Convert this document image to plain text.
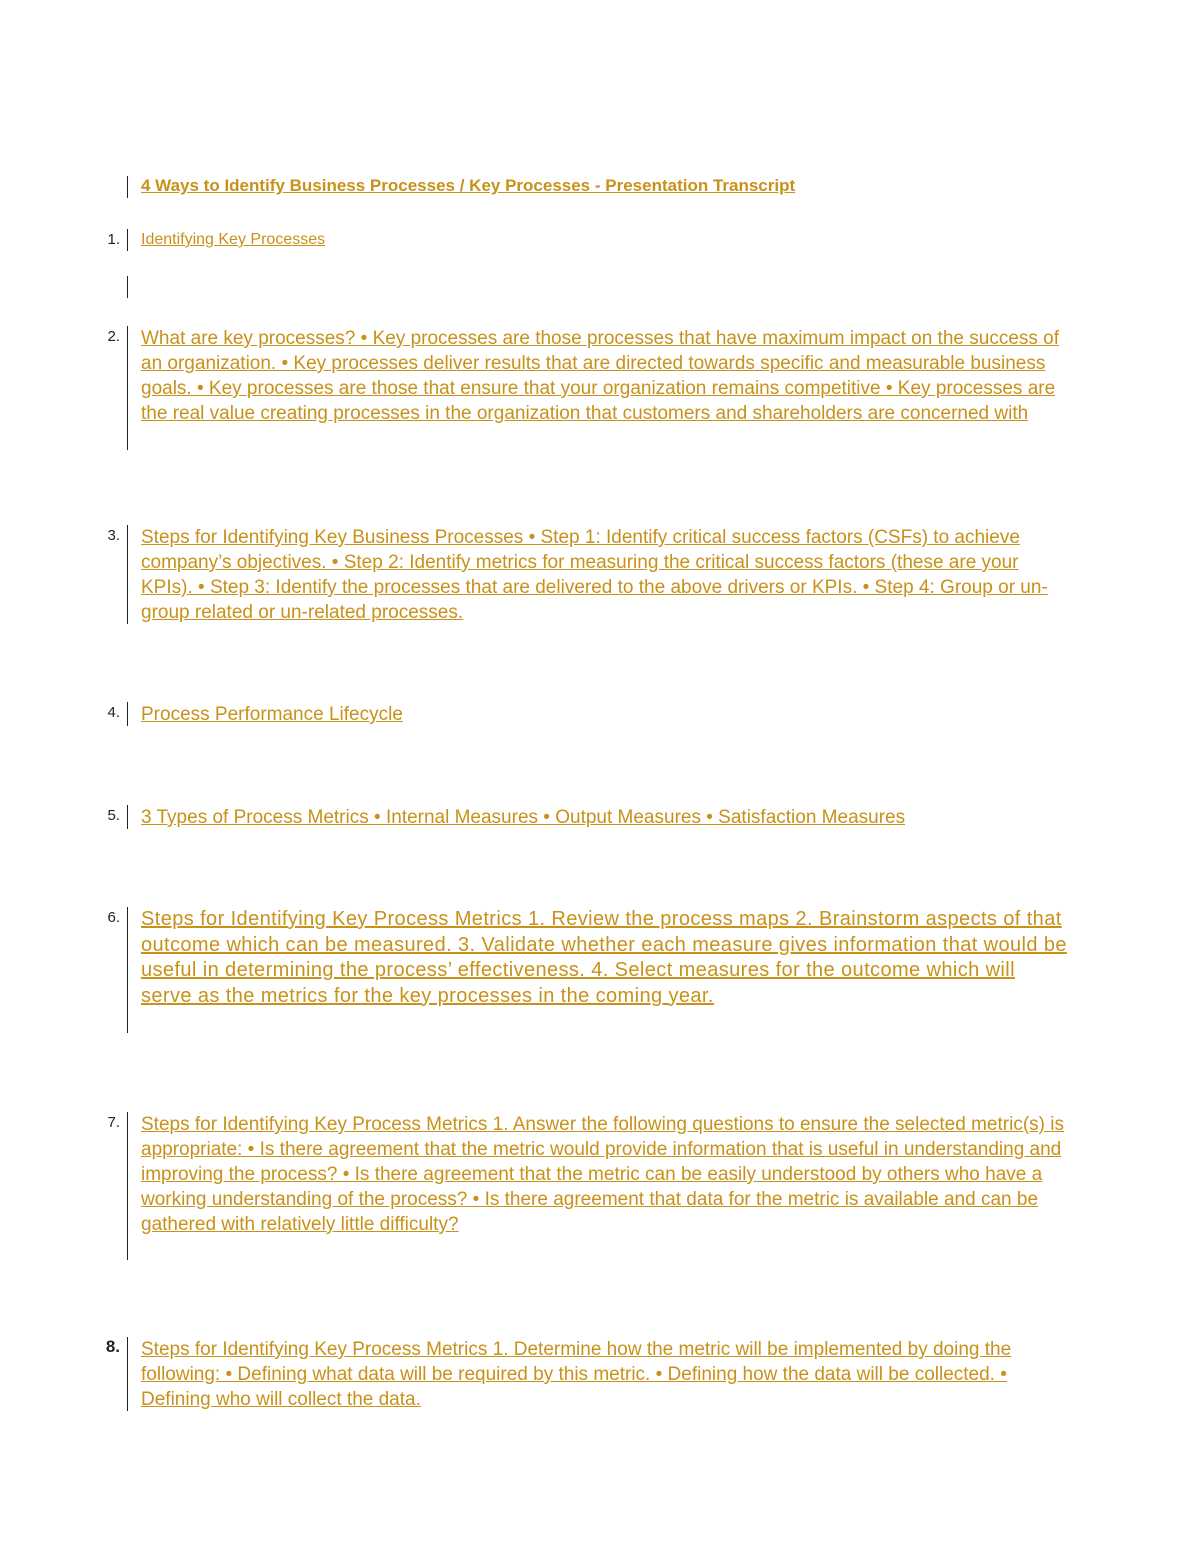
4 Ways to Identify Business Processes / Key Processes - Presentation Transcript
1. Identifying Key Processes
2. What are key processes? • Key processes are those processes that have maximum impact on the success of an organization. • Key processes deliver results that are directed towards specific and measurable business goals. • Key processes are those that ensure that your organization remains competitive • Key processes are the real value creating processes in the organization that customers and shareholders are concerned with
3. Steps for Identifying Key Business Processes • Step 1: Identify critical success factors (CSFs) to achieve company’s objectives. • Step 2: Identify metrics for measuring the critical success factors (these are your KPIs). • Step 3: Identify the processes that are delivered to the above drivers or KPIs. • Step 4: Group or un-group related or un-related processes.
4. Process Performance Lifecycle
5. 3 Types of Process Metrics • Internal Measures • Output Measures • Satisfaction Measures
6. Steps for Identifying Key Process Metrics 1. Review the process maps 2. Brainstorm aspects of that outcome which can be measured. 3. Validate whether each measure gives information that would be useful in determining the process’ effectiveness. 4. Select measures for the outcome which will serve as the metrics for the key processes in the coming year.
7. Steps for Identifying Key Process Metrics 1. Answer the following questions to ensure the selected metric(s) is appropriate: • Is there agreement that the metric would provide information that is useful in understanding and improving the process? • Is there agreement that the metric can be easily understood by others who have a working understanding of the process? • Is there agreement that data for the metric is available and can be gathered with relatively little difficulty?
8. Steps for Identifying Key Process Metrics 1. Determine how the metric will be implemented by doing the following: • Defining what data will be required by this metric. • Defining how the data will be collected. • Defining who will collect the data.
